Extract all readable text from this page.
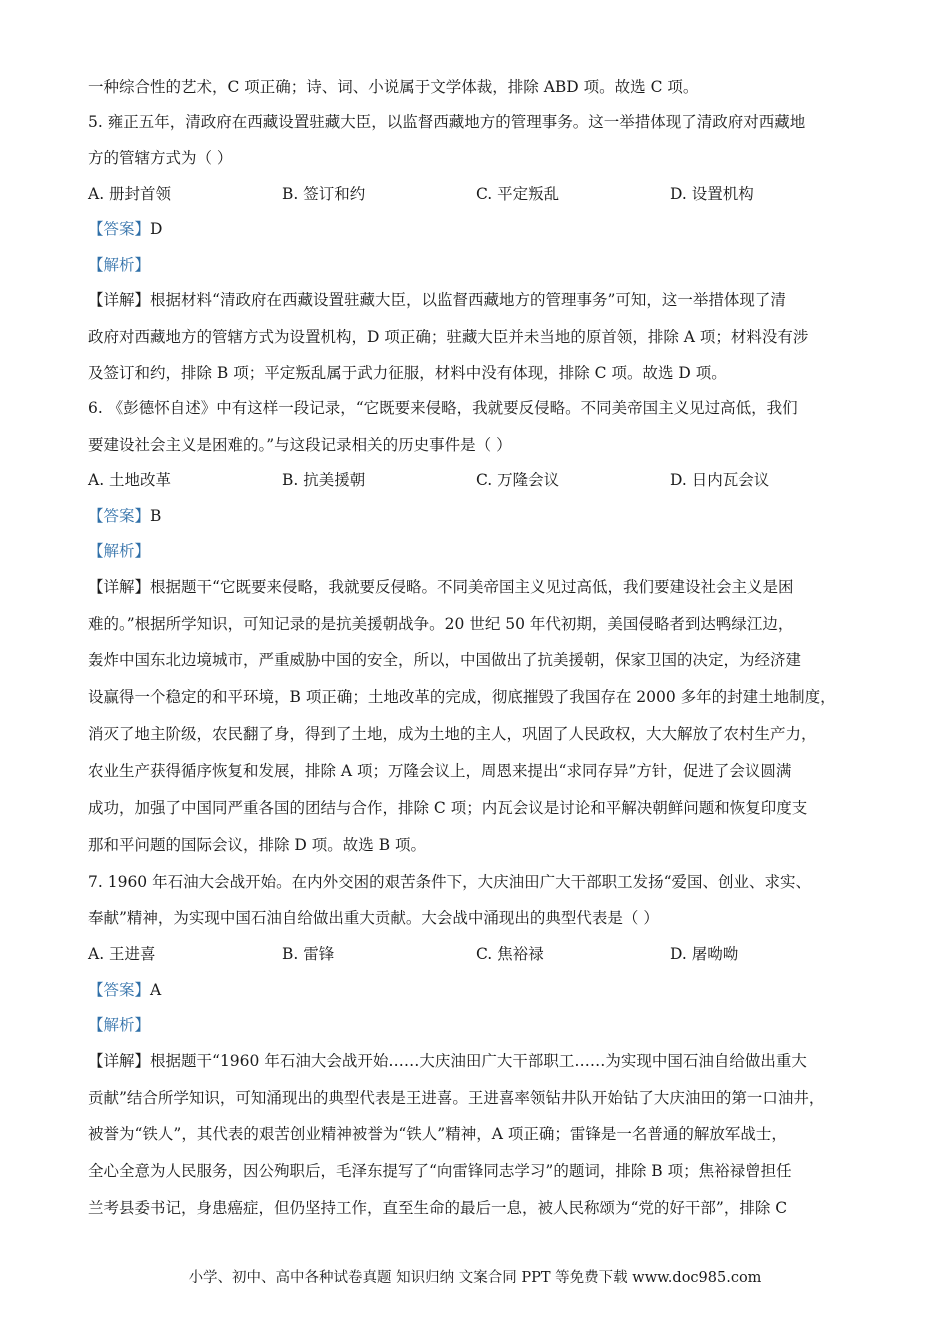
一种综合性的艺术，C 项正确；诗、词、小说属于文学体裁，排除 ABD 项。故选 C 项。
5. 雍正五年，清政府在西藏设置驻藏大臣，以监督西藏地方的管理事务。这一举措体现了清政府对西藏地
方的管辖方式为（ ）
A. 册封首领	B. 签订和约	C. 平定叛乱	D. 设置机构
【答案】D
【解析】
【详解】根据材料“清政府在西藏设置驻藏大臣，以监督西藏地方的管理事务”可知，这一举措体现了清
政府对西藏地方的管辖方式为设置机构，D 项正确；驻藏大臣并未当地的原首领，排除 A 项；材料没有涉
及签订和约，排除 B 项；平定叛乱属于武力征服，材料中没有体现，排除 C 项。故选 D 项。
6. 《彭德怀自述》中有这样一段记录，“它既要来侵略，我就要反侵略。不同美帝国主义见过高低，我们
要建设社会主义是困难的。”与这段记录相关的历史事件是（ ）
A. 土地改革	B. 抗美援朝	C. 万隆会议	D. 日内瓦会议
【答案】B
【解析】
【详解】根据题干“它既要来侵略，我就要反侵略。不同美帝国主义见过高低，我们要建设社会主义是困
难的。”根据所学知识，可知记录的是抗美援朝战争。20 世纪 50 年代初期，美国侵略者到达鸭绿江边，
轰炸中国东北边境城市，严重威胁中国的安全，所以，中国做出了抗美援朝，保家卫国的决定，为经济建
设赢得一个稳定的和平环境，B 项正确；土地改革的完成，彻底摧毁了我国存在 2000 多年的封建土地制度，
消灭了地主阶级，农民翻了身，得到了土地，成为土地的主人，巩固了人民政权，大大解放了农村生产力，
农业生产获得循序恢复和发展，排除 A 项；万隆会议上，周恩来提出“求同存异”方针，促进了会议圆满
成功，加强了中国同严重各国的团结与合作，排除 C 项；内瓦会议是讨论和平解决朝鲜问题和恢复印度支
那和平问题的国际会议，排除 D 项。故选 B 项。
7. 1960 年石油大会战开始。在内外交困的艰苦条件下，大庆油田广大干部职工发扬“爱国、创业、求实、
奉献”精神，为实现中国石油自给做出重大贡献。大会战中涌现出的典型代表是（ ）
A. 王进喜	B. 雷锋	C. 焦裕禄	D. 屠呦呦
【答案】A
【解析】
【详解】根据题干“1960 年石油大会战开始……大庆油田广大干部职工……为实现中国石油自给做出重大
贡献”结合所学知识，可知涌现出的典型代表是王进喜。王进喜率领钻井队开始钻了大庆油田的第一口油井，
被誉为“铁人”，其代表的艰苦创业精神被誉为“铁人”精神，A 项正确；雷锋是一名普通的解放军战士，
全心全意为人民服务，因公殉职后，毛泽东提写了“向雷锋同志学习”的题词，排除 B 项；焦裕禄曾担任
兰考县委书记，身患癌症，但仍坚持工作，直至生命的最后一息，被人民称颂为“党的好干部”，排除 C
小学、初中、高中各种试卷真题 知识归纳 文案合同 PPT 等免费下载 www.doc985.com
